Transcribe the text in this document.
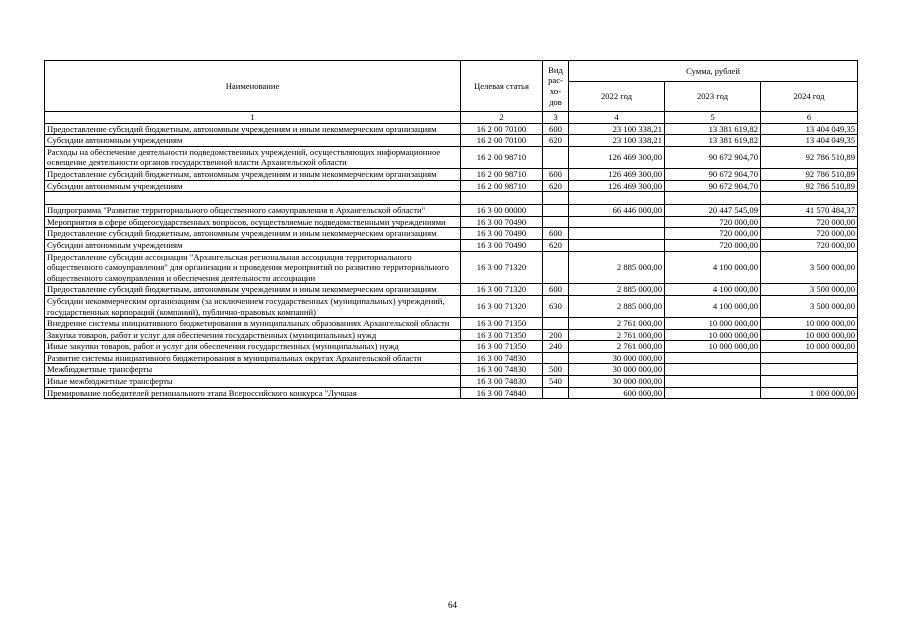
Наименование	Целевая статья	Вид
рас-
хо-
дов	Сумма, рублей		
			2022 год	2023 год	2024 год
1	2	3	4	5	6
Предоставление субсидий бюджетным, автономным учреждениям и иным некоммерческим организациям	16 2 00 70100	600	23 100 338,21	13 381 619,82	13 404 049,35
Субсидии автономным учреждениям	16 2 00 70100	620	23 100 338,21	13 381 619,82	13 404 049,35
Расходы на обеспечение деятельности подведомственных учреждений, осуществляющих информационное освещение деятельности органов государственной власти Архангельской области	16 2 00 98710		126 469 300,00	90 672 904,70	92 786 510,89
Предоставление субсидий бюджетным, автономным учреждениям и иным некоммерческим организациям	16 2 00 98710	600	126 469 300,00	90 672 904,70	92 786 510,89
Субсидии автономным учреждениям	16 2 00 98710	620	126 469 300,00	90 672 904,70	92 786 510,89

Подпрограмма "Развитие территориального общественного самоуправления в Архангельской области"	16 3 00 00000		66 446 000,00	20 447 545,09	41 570 484,37
Мероприятия в сфере общегосударственных вопросов, осуществляемые подведомственными учреждениями	16 3 00 70490			720 000,00	720 000,00
Предоставление субсидий бюджетным, автономным учреждениям и иным некоммерческим организациям	16 3 00 70490	600		720 000,00	720 000,00
Субсидии автономным учреждениям	16 3 00 70490	620		720 000,00	720 000,00
Предоставление субсидии ассоциации "Архангельская региональная ассоциация территориального общественного самоуправления" для организации и проведения мероприятий по развитию территориального общественного самоуправления и обеспечения деятельности ассоциации	16 3 00 71320		2 885 000,00	4 100 000,00	3 500 000,00
Предоставление субсидий бюджетным, автономным учреждениям и иным некоммерческим организациям	16 3 00 71320	600	2 885 000,00	4 100 000,00	3 500 000,00
Субсидии некоммерческим организациям (за исключением государственных (муниципальных) учреждений, государственных корпораций (компаний), публично-правовых компаний)	16 3 00 71320	630	2 885 000,00	4 100 000,00	3 500 000,00
Внедрение системы инициативного бюджетирования в муниципальных образованиях Архангельской области	16 3 00 71350		2 761 000,00	10 000 000,00	10 000 000,00
Закупка товаров, работ и услуг для обеспечения государственных (муниципальных) нужд	16 3 00 71350	200	2 761 000,00	10 000 000,00	10 000 000,00
Иные закупки товаров, работ и услуг для обеспечения государственных (муниципальных) нужд	16 3 00 71350	240	2 761 000,00	10 000 000,00	10 000 000,00
Развитие системы инициативного бюджетирования в муниципальных округах Архангельской области	16 3 00 74830		30 000 000,00		
Межбюджетные трансферты	16 3 00 74830	500	30 000 000,00		
Иные межбюджетные трансферты	16 3 00 74830	540	30 000 000,00		
Премирование победителей регионального этапа Всероссийского конкурса "Лучшая	16 3 00 74840		600 000,00		1 000 000,00
64
